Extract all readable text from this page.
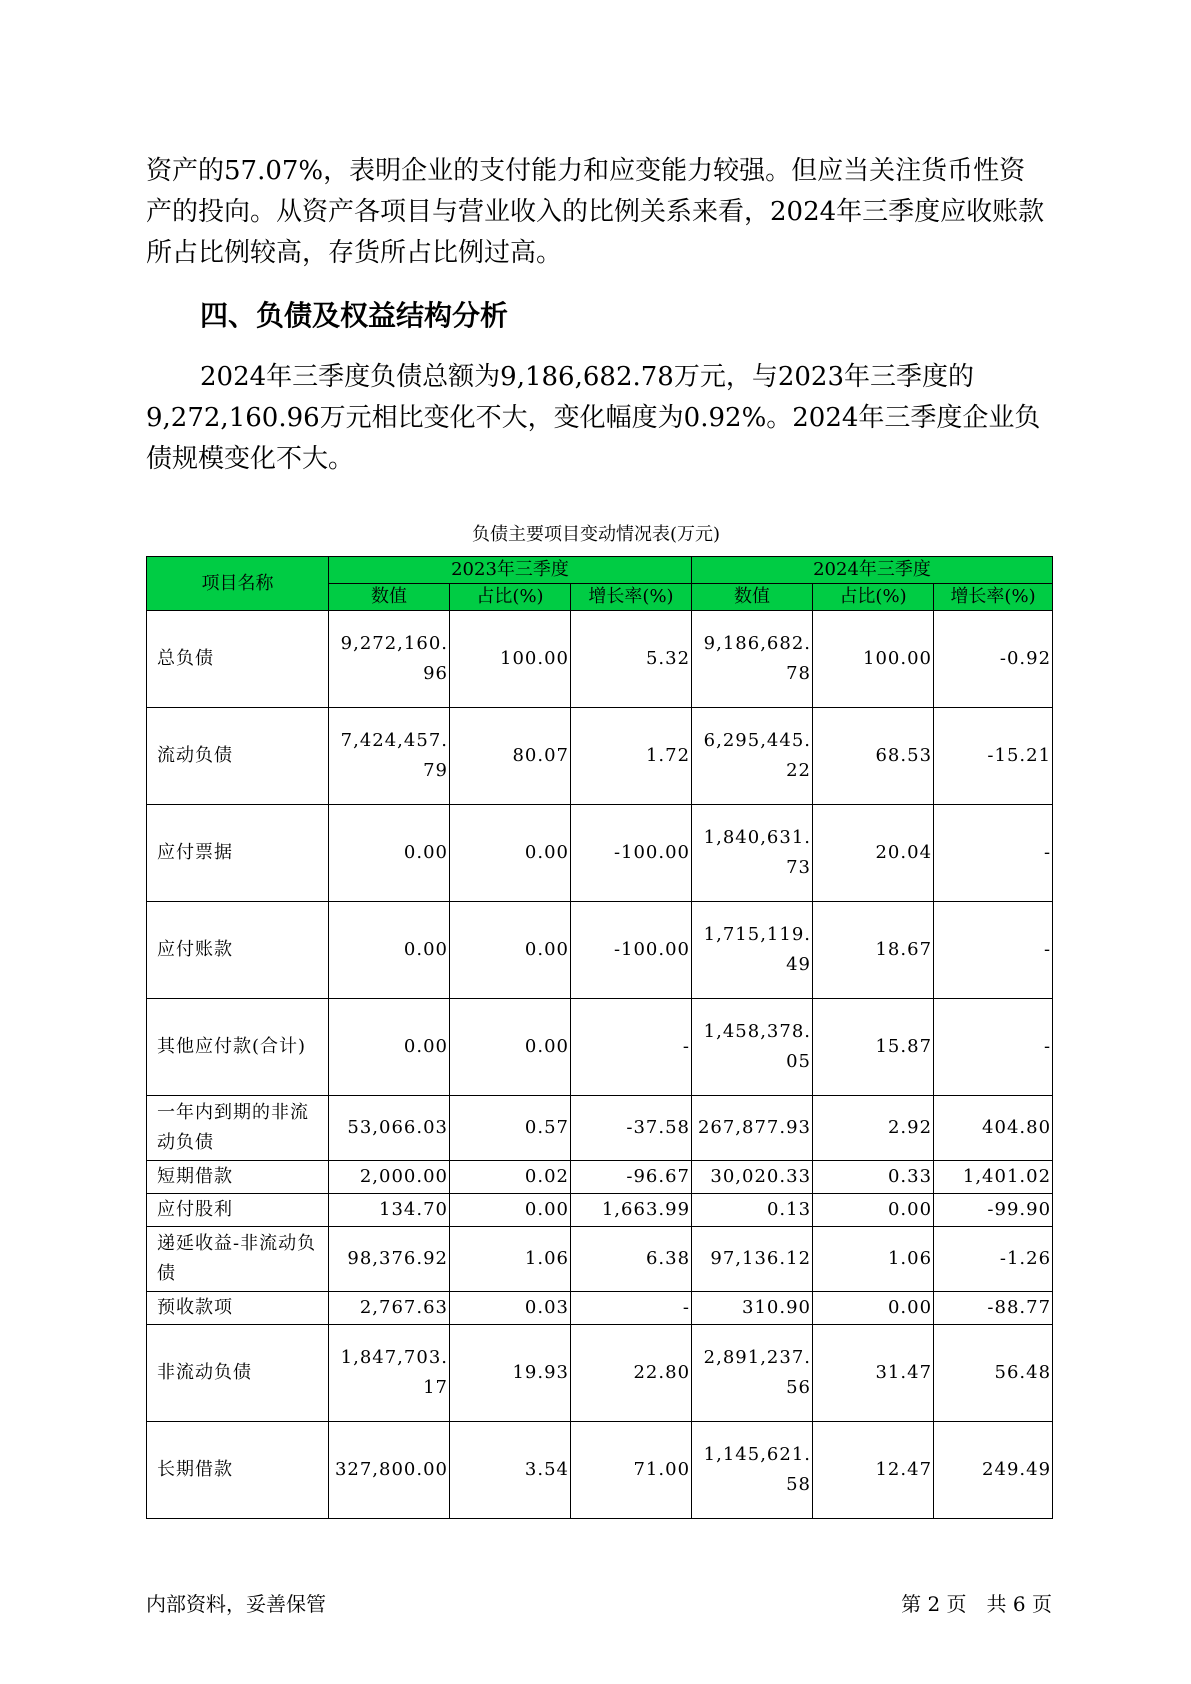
资产的57.07%，表明企业的支付能力和应变能力较强。但应当关注货币性资产的投向。从资产各项目与营业收入的比例关系来看，2024年三季度应收账款所占比例较高，存货所占比例过高。

四、负债及权益结构分析

2024年三季度负债总额为9,186,682.78万元，与2023年三季度的9,272,160.96万元相比变化不大，变化幅度为0.92%。2024年三季度企业负债规模变化不大。

负债主要项目变动情况表(万元)

项目名称	2023年三季度			2024年三季度		
	数值	占比(%)	增长率(%)	数值	占比(%)	增长率(%)
总负债	9,272,160.96	100.00	5.32	9,186,682.78	100.00	-0.92
流动负债	7,424,457.79	80.07	1.72	6,295,445.22	68.53	-15.21
应付票据	0.00	0.00	-100.00	1,840,631.73	20.04	-
应付账款	0.00	0.00	-100.00	1,715,119.49	18.67	-
其他应付款(合计)	0.00	0.00	-	1,458,378.05	15.87	-
一年内到期的非流动负债	53,066.03	0.57	-37.58	267,877.93	2.92	404.80
短期借款	2,000.00	0.02	-96.67	30,020.33	0.33	1,401.02
应付股利	134.70	0.00	1,663.99	0.13	0.00	-99.90
递延收益-非流动负债	98,376.92	1.06	6.38	97,136.12	1.06	-1.26
预收款项	2,767.63	0.03	-	310.90	0.00	-88.77
非流动负债	1,847,703.17	19.93	22.80	2,891,237.56	31.47	56.48
长期借款	327,800.00	3.54	71.00	1,145,621.58	12.47	249.49

内部资料，妥善保管	第 2 页　共 6 页
